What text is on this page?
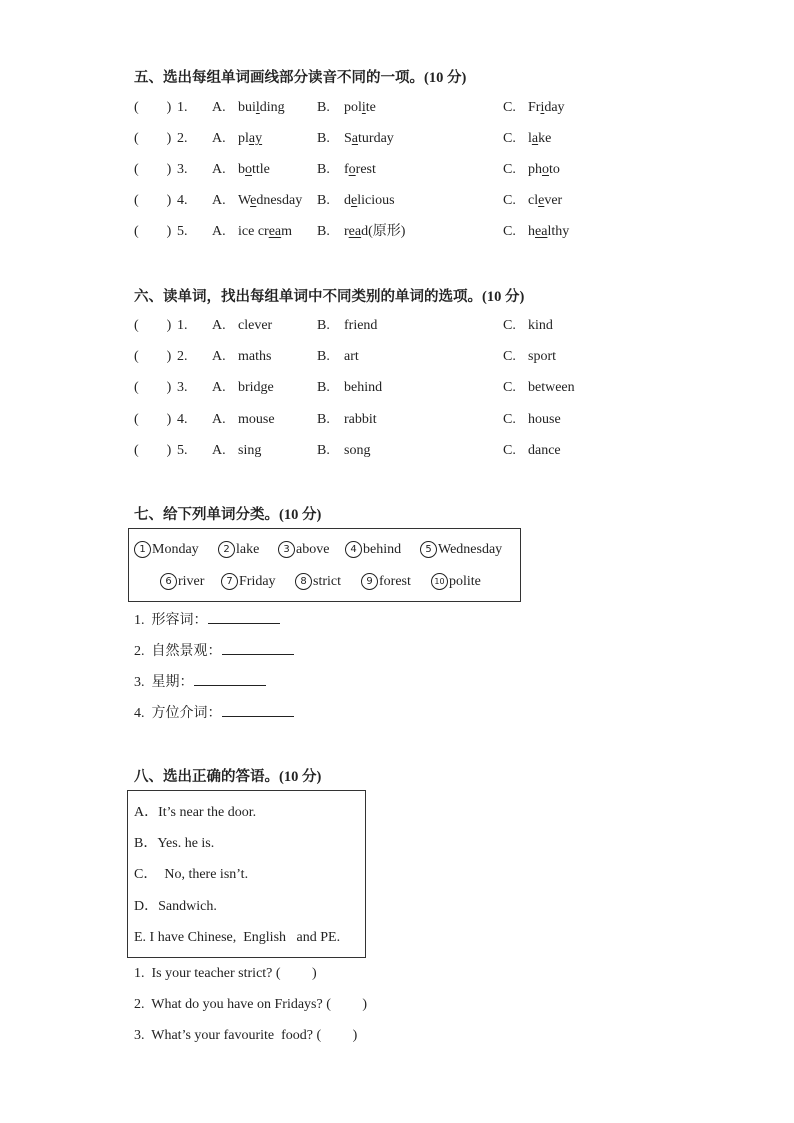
五、选出每组单词画线部分读音不同的一项。(10 分)
(        ) 1. A. building B. polite	C. Friday
(        ) 2. A. play	B. Saturday	C. lake
(        ) 3. A. bottle	B. forest	C. photo
(        ) 4. A. Wednesday B. delicious	C. clever
(        ) 5. A. ice cream B. read(原形)	C. healthy
六、读单词，找出每组单词中不同类别的单词的选项。(10 分)
(        ) 1. A. clever	B. friend	C. kind
(        ) 2. A. maths	B. art	C. sport
(        ) 3. A. bridge	B. behind	C. between
(        ) 4. A. mouse	B. rabbit	C. house
(        ) 5. A. sing	B. song	C. dance
七、给下列单词分类。(10 分)
1 Monday	2 lake	3 above	4 behind	5 Wednesday
6 river	7 Friday	8 strict	9 forest	10 polite
1. 形容词：
2. 自然景观：
3. 星期：
4. 方位介词：
八、选出正确的答语。(10 分)
A．It’s near the door.
B．Yes. he is.
C．  No, there isn’t.
D．Sandwich.
E. I have Chinese,  English   and PE.
1. Is your teacher strict? (         )
2. What do you have on Fridays? (         )
3. What’s your favourite  food? (         )
